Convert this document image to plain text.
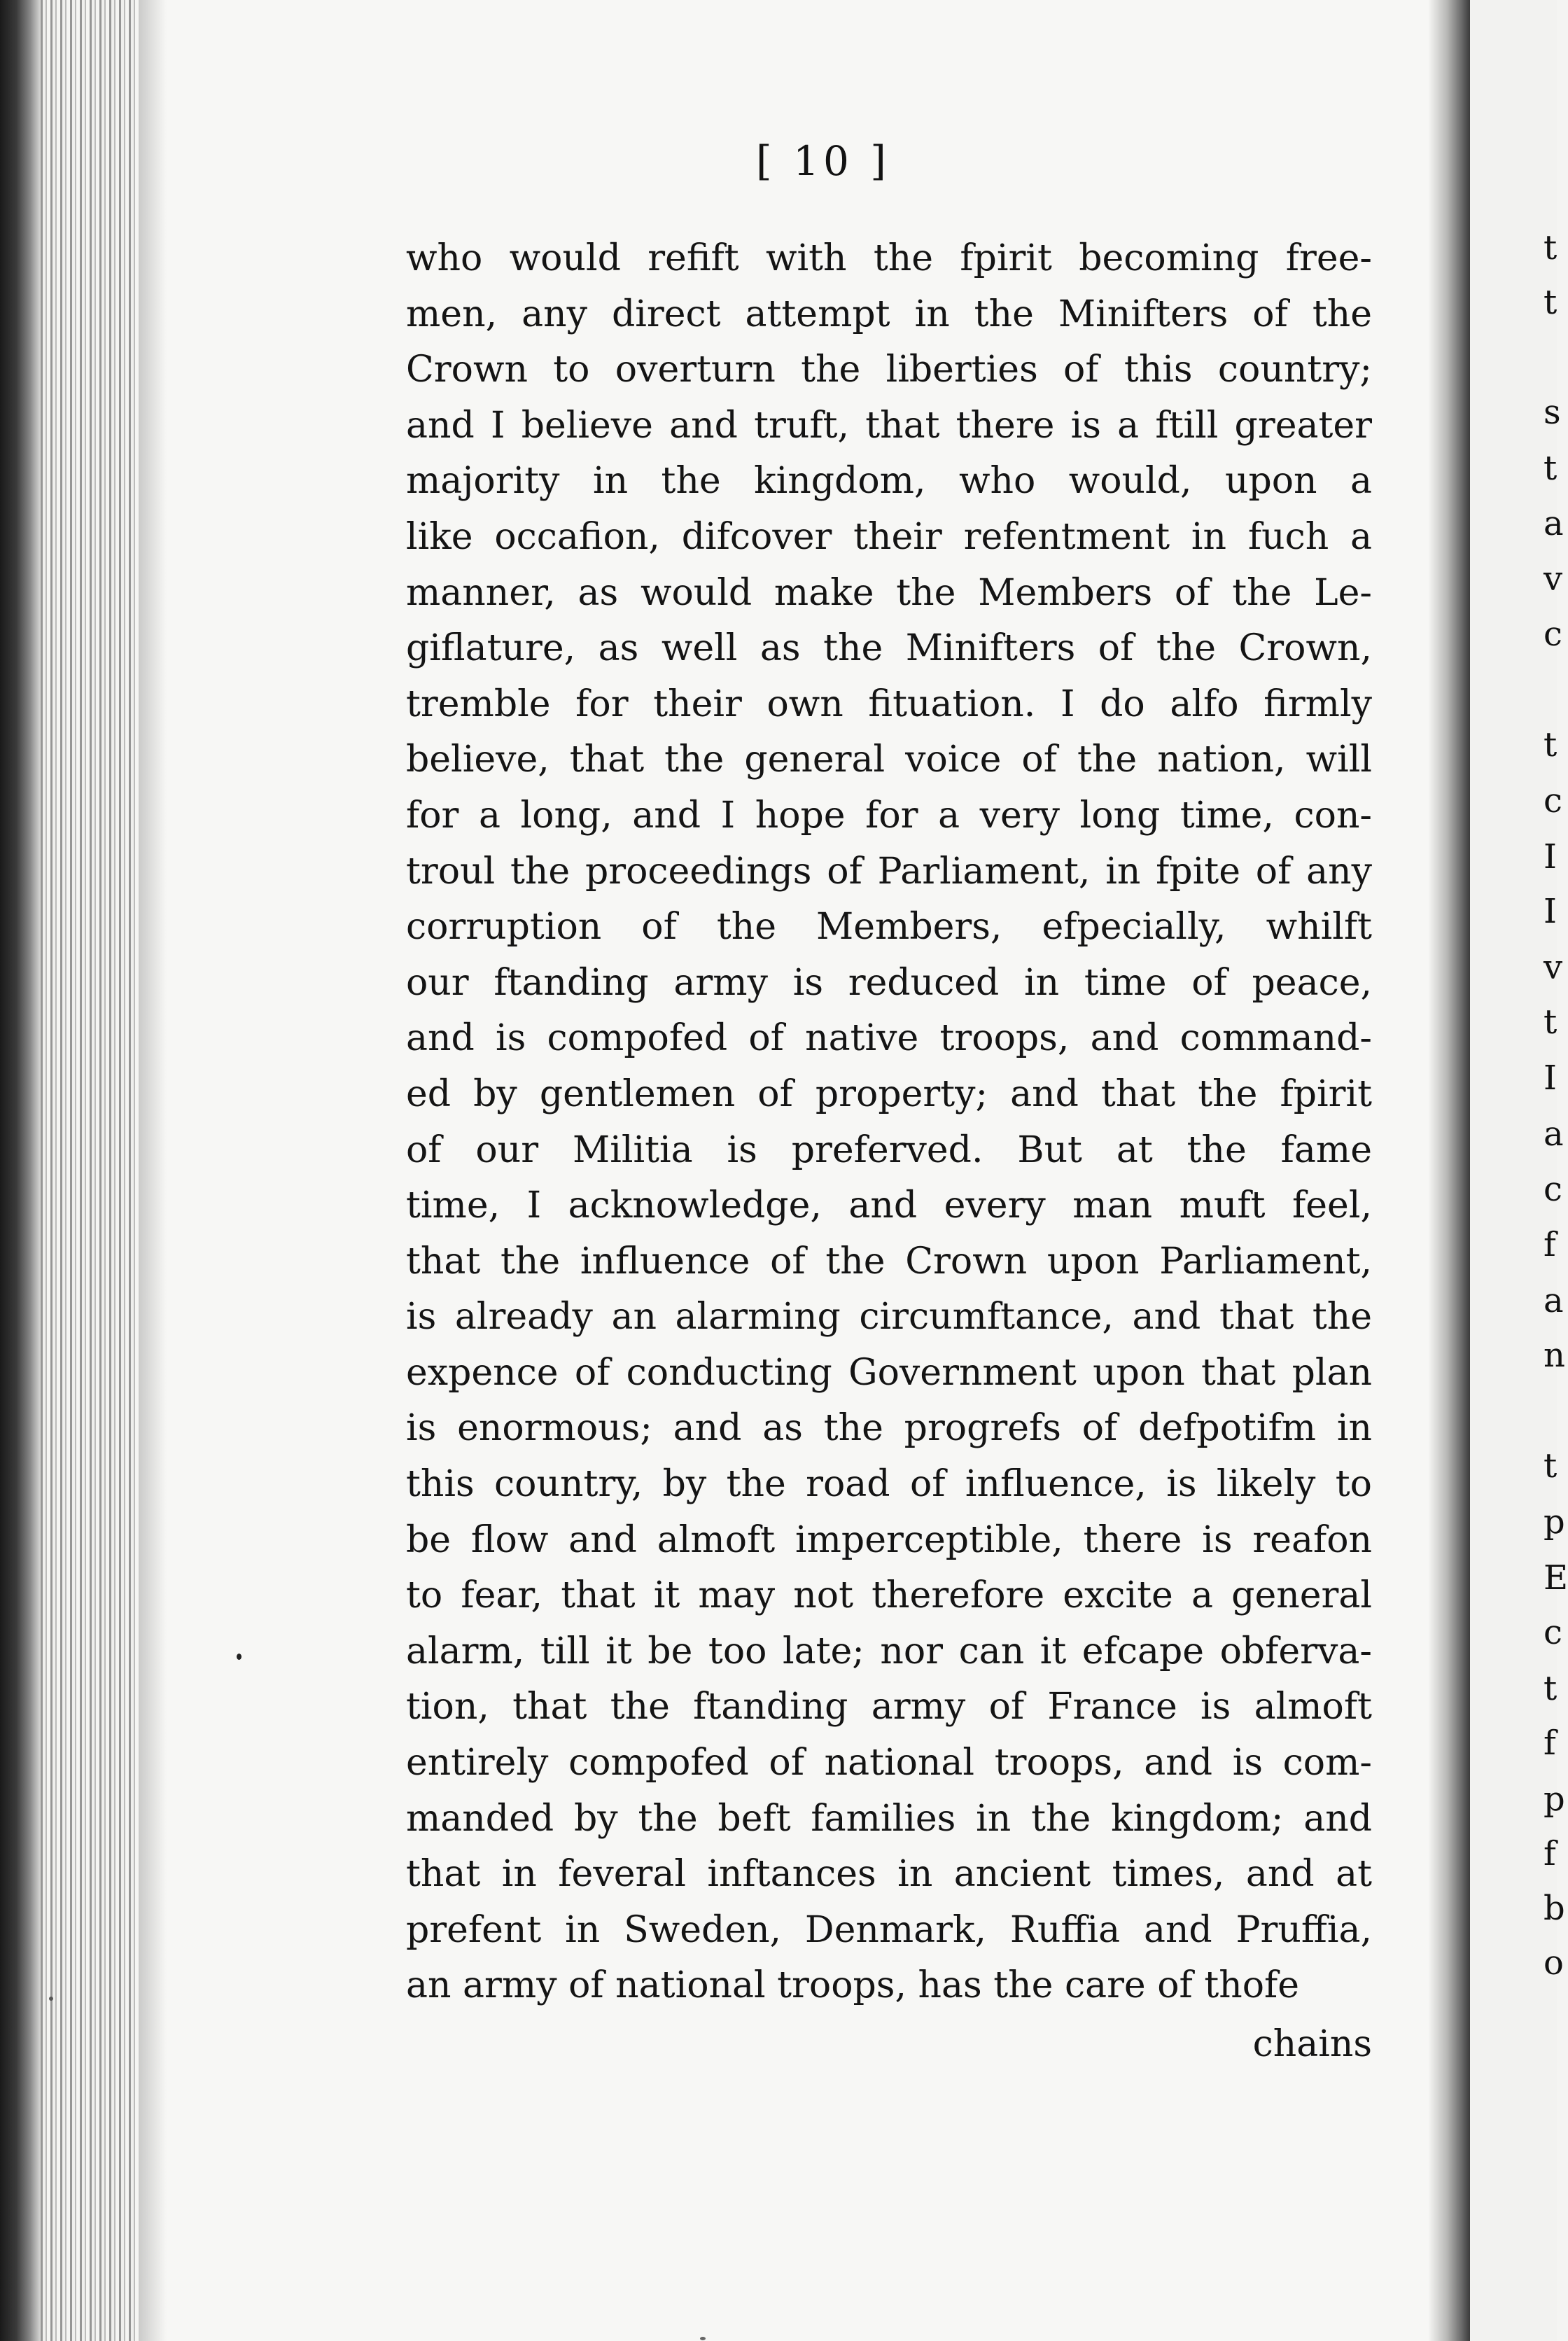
t
t
s
t
a
v
c
t
c
I
I
v
t
I
a
c
f
a
n
t
p
E
c
t
f
p
f
b
o
[ 10 ]
who would refift with the fpirit becoming free-
men, any direct attempt in the Minifters of the
Crown to overturn the liberties of this country;
and I believe and truft, that there is a ftill greater
majority in the kingdom, who would, upon a
like occafion, difcover their refentment in fuch a
manner, as would make the Members of the Le-
giflature, as well as the Minifters of the Crown,
tremble for their own fituation. I do alfo firmly
believe, that the general voice of the nation, will
for a long, and I hope for a very long time, con-
troul the proceedings of Parliament, in fpite of any
corruption of the Members, efpecially, whilft
our ftanding army is reduced in time of peace,
and is compofed of native troops, and command-
ed by gentlemen of property; and that the fpirit
of our Militia is preferved. But at the fame
time, I acknowledge, and every man muft feel,
that the influence of the Crown upon Parliament,
is already an alarming circumftance, and that the
expence of conducting Government upon that plan
is enormous; and as the progrefs of defpotifm in
this country, by the road of influence, is likely to
be flow and almoft imperceptible, there is reafon
to fear, that it may not therefore excite a general
alarm, till it be too late; nor can it efcape obferva-
tion, that the ftanding army of France is almoft
entirely compofed of national troops, and is com-
manded by the beft families in the kingdom; and
that in feveral inftances in ancient times, and at
prefent in Sweden, Denmark, Ruffia and Pruffia,
an army of national troops, has the care of thofe
chains
